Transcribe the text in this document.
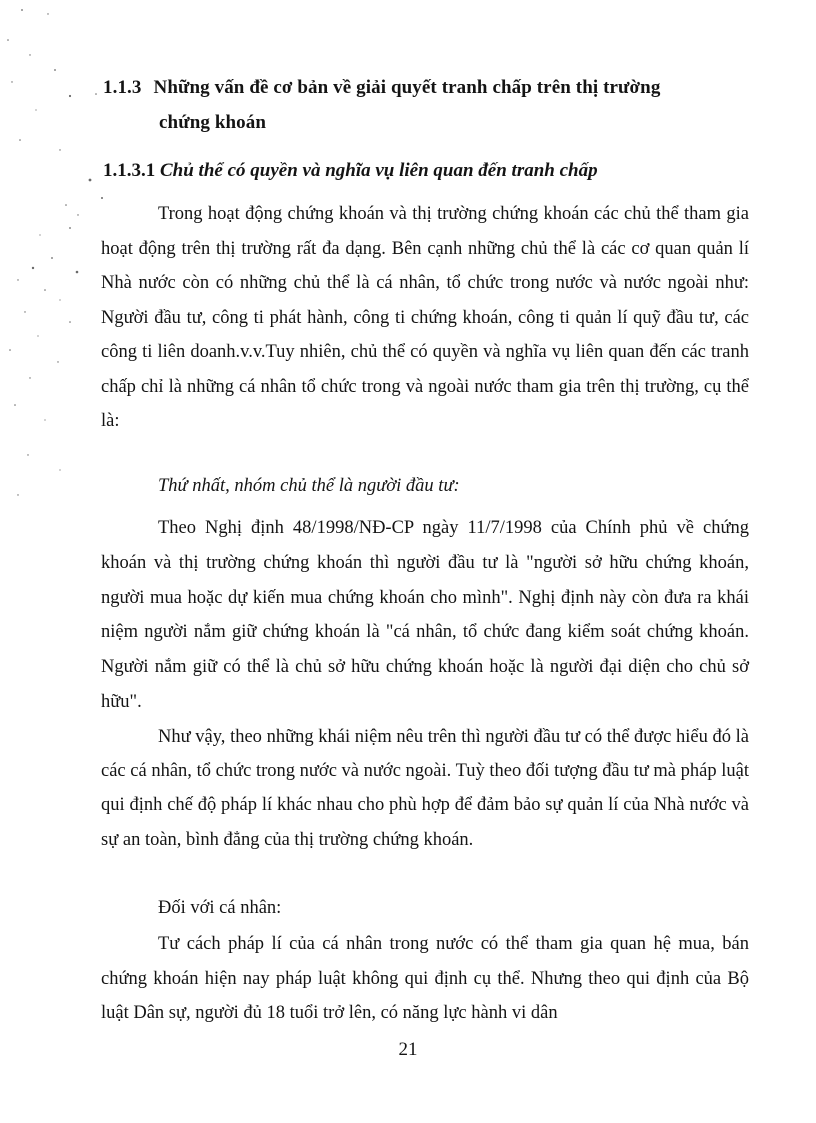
1.1.3 Những vấn đề cơ bản về giải quyết tranh chấp trên thị trường
chứng khoán
1.1.3.1 Chủ thể có quyền và nghĩa vụ liên quan đến tranh chấp

Trong hoạt động chứng khoán và thị trường chứng khoán các chủ thể tham gia hoạt động trên thị trường rất đa dạng. Bên cạnh những chủ thể là các cơ quan quản lí Nhà nước còn có những chủ thể là cá nhân, tổ chức trong nước và nước ngoài như: Người đầu tư, công ti phát hành, công ti chứng khoán, công ti quản lí quỹ đầu tư, các công ti liên doanh.v.v.Tuy nhiên, chủ thể có quyền và nghĩa vụ liên quan đến các tranh chấp chỉ là những cá nhân tổ chức trong và ngoài nước tham gia trên thị trường, cụ thể là:

Thứ nhất, nhóm chủ thể là người đầu tư:

Theo Nghị định 48/1998/NĐ-CP ngày 11/7/1998 của Chính phủ về chứng khoán và thị trường chứng khoán thì người đầu tư là "người sở hữu chứng khoán, người mua hoặc dự kiến mua chứng khoán cho mình". Nghị định này còn đưa ra khái niệm người nắm giữ chứng khoán là "cá nhân, tổ chức đang kiểm soát chứng khoán. Người nắm giữ có thể là chủ sở hữu chứng khoán hoặc là người đại diện cho chủ sở hữu".

Như vậy, theo những khái niệm nêu trên thì người đầu tư có thể được hiểu đó là các cá nhân, tổ chức trong nước và nước ngoài. Tuỳ theo đối tượng đầu tư mà pháp luật qui định chế độ pháp lí khác nhau cho phù hợp để đảm bảo sự quản lí của Nhà nước và sự an toàn, bình đẳng của thị trường chứng khoán.

Đối với cá nhân:

Tư cách pháp lí của cá nhân trong nước có thể tham gia quan hệ mua, bán chứng khoán hiện nay pháp luật không qui định cụ thể. Nhưng theo qui định của Bộ luật Dân sự, người đủ 18 tuổi trở lên, có năng lực hành vi dân

21
